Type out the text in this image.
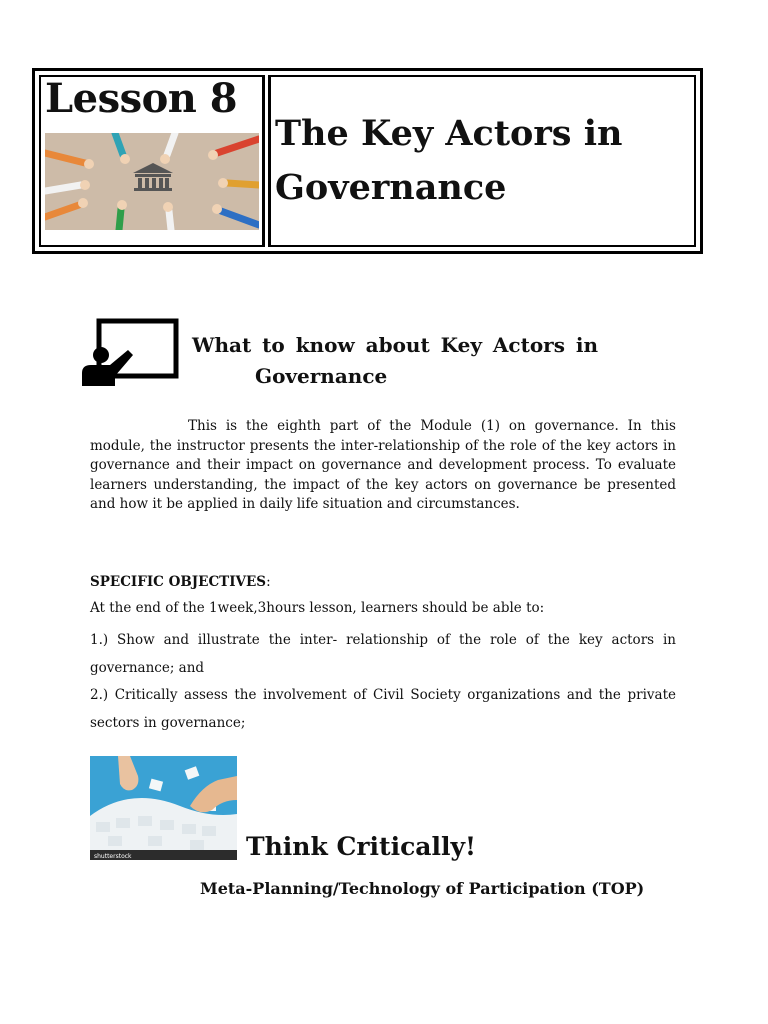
Lesson 8
The Key Actors in Governance
What to know about Key Actors in
Governance
This is the eighth part of the Module (1) on governance. In this module, the instructor presents the inter-relationship of the role of the key actors in governance and their impact on governance and development process. To evaluate learners understanding, the impact of the key actors on governance be presented and how it be applied in daily life situation and circumstances.
SPECIFIC OBJECTIVES:
At the end of the 1week,3hours lesson, learners should be able to:
1.) Show and illustrate the inter- relationship of the role of the key actors in governance; and
2.) Critically assess the involvement of Civil Society organizations and the private sectors in governance;
shutterstock	Think Critically!
Meta-Planning/Technology of Participation (TOP)
